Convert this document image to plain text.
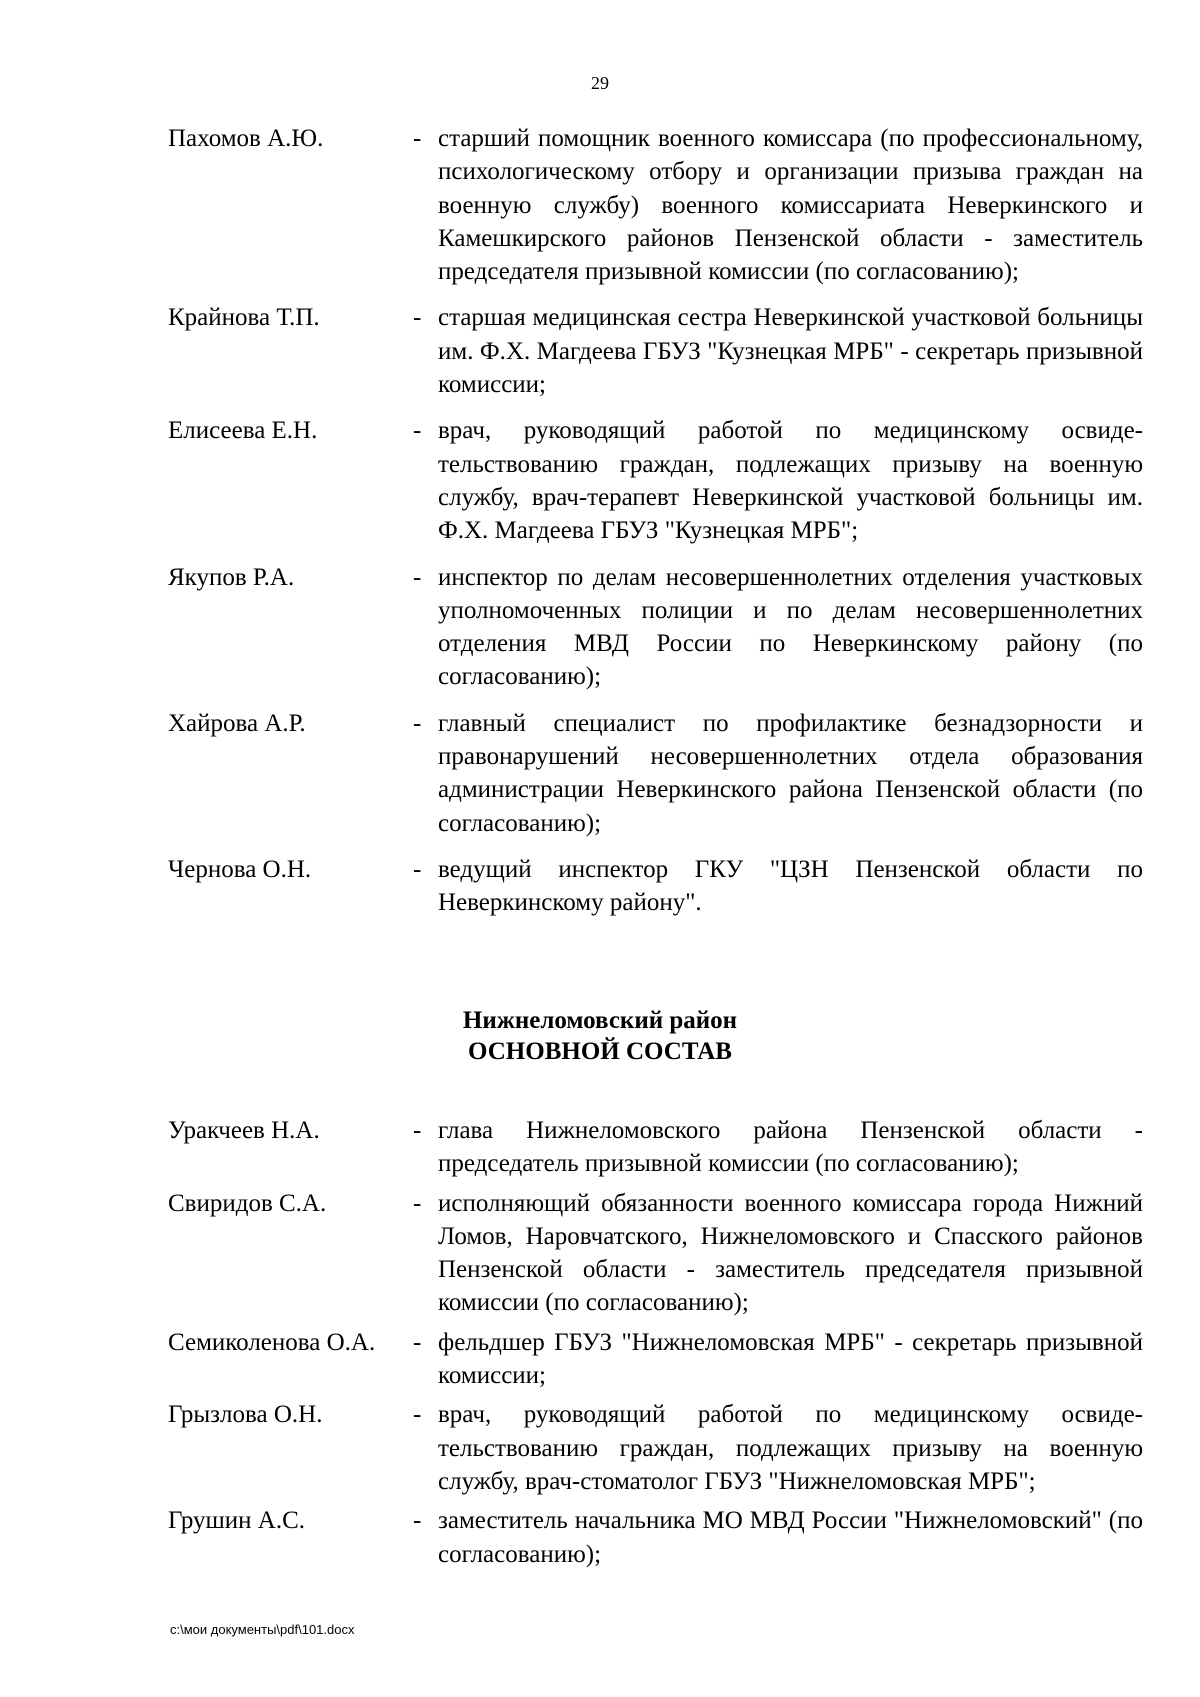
29
Пахомов А.Ю.	- старший помощник военного комиссара (по профессиональному, психологическому отбору и организации призыва граждан на военную службу) военного комиссариата Неверкинского и Камешкирского районов Пензенской области - заместитель председателя призывной комиссии (по согласованию);
Крайнова Т.П.	- старшая медицинская сестра Неверкинской участковой больницы им. Ф.Х. Магдеева ГБУЗ "Кузнецкая МРБ" - секретарь призывной комиссии;
Елисеева Е.Н.	- врач, руководящий работой по медицинскому освидетельствованию граждан, подлежащих призыву на военную службу, врач-терапевт Неверкинской участковой больницы им. Ф.Х. Магдеева ГБУЗ "Кузнецкая МРБ";
Якупов Р.А.	- инспектор по делам несовершеннолетних отделения участковых уполномоченных полиции и по делам несовершеннолетних отделения МВД России по Неверкинскому району (по согласованию);
Хайрова А.Р.	- главный специалист по профилактике безнадзорности и правонарушений несовершеннолетних отдела образования администрации Неверкинского района Пензенской области (по согласованию);
Чернова О.Н.	- ведущий инспектор ГКУ "ЦЗН Пензенской области по Неверкинскому району".
Нижнеломовский район
ОСНОВНОЙ СОСТАВ
Уракчеев Н.А.	- глава Нижнеломовского района Пензенской области - председатель призывной комиссии (по согласованию);
Свиридов С.А.	- исполняющий обязанности военного комиссара города Нижний Ломов, Наровчатского, Нижнеломовского и Спасского районов Пензенской области - заместитель председателя призывной комиссии (по согласованию);
Семиколенова О.А.	- фельдшер ГБУЗ "Нижнеломовская МРБ" - секретарь призывной комиссии;
Грызлова О.Н.	- врач, руководящий работой по медицинскому освидетельствованию граждан, подлежащих призыву на военную службу, врач-стоматолог ГБУЗ "Нижнеломовская МРБ";
Грушин А.С.	- заместитель начальника МО МВД России "Нижнеломовский" (по согласованию);
c:\мои документы\pdf\101.docx
